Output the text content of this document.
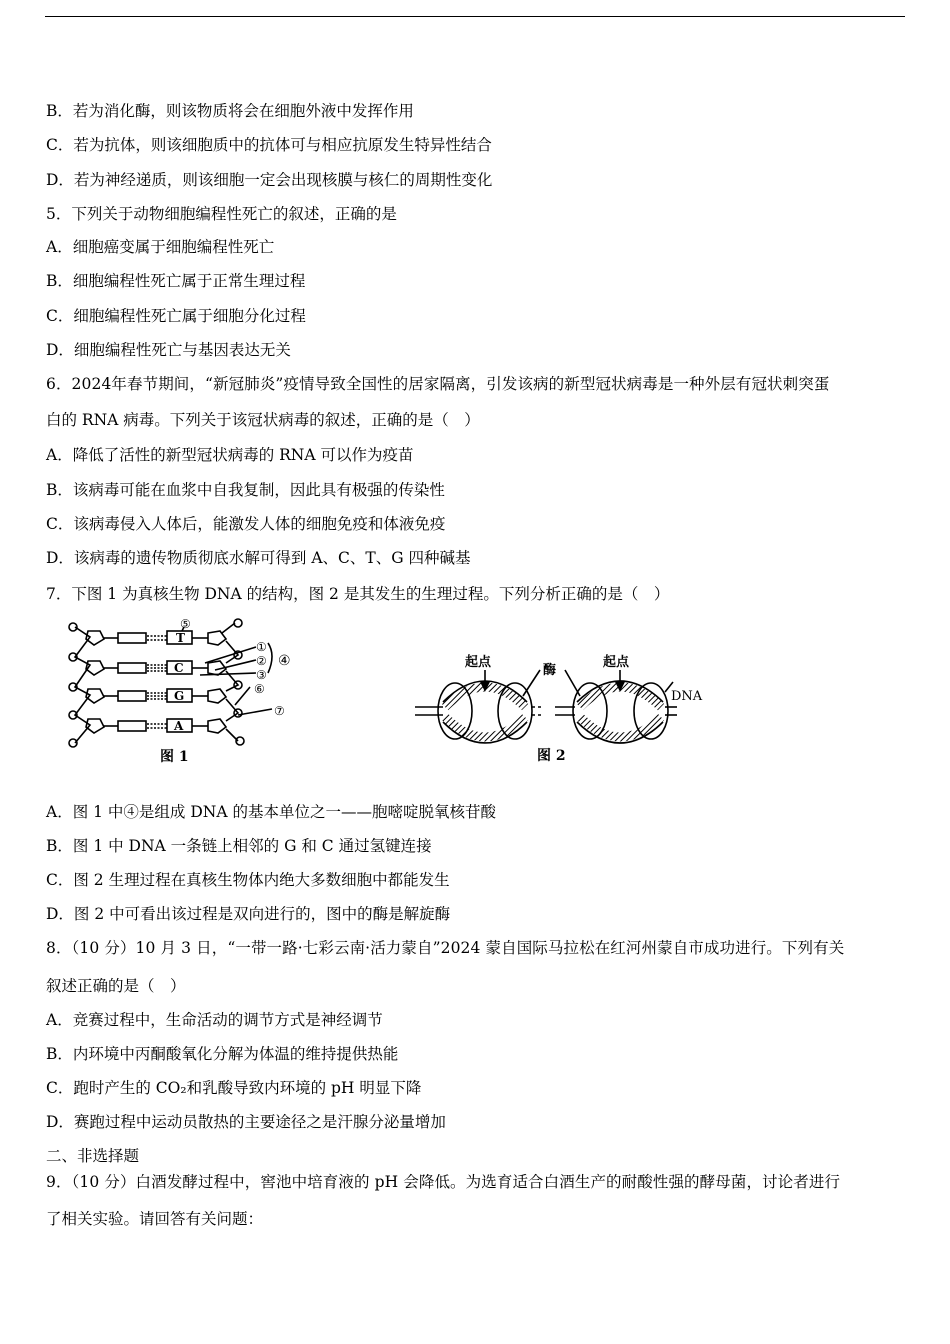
B．若为消化酶，则该物质将会在细胞外液中发挥作用
C．若为抗体，则该细胞质中的抗体可与相应抗原发生特异性结合
D．若为神经递质，则该细胞一定会出现核膜与核仁的周期性变化
5．下列关于动物细胞编程性死亡的叙述，正确的是
A．细胞癌变属于细胞编程性死亡
B．细胞编程性死亡属于正常生理过程
C．细胞编程性死亡属于细胞分化过程
D．细胞编程性死亡与基因表达无关
6．2024年春节期间，“新冠肺炎”疫情导致全国性的居家隔离，引发该病的新型冠状病毒是一种外层有冠状刺突蛋
白的 RNA 病毒。下列关于该冠状病毒的叙述，正确的是（　）
A．降低了活性的新型冠状病毒的 RNA 可以作为疫苗
B．该病毒可能在血浆中自我复制，因此具有极强的传染性
C．该病毒侵入人体后，能激发人体的细胞免疫和体液免疫
D．该病毒的遗传物质彻底水解可得到 A、C、T、G 四种碱基
7．下图 1 为真核生物 DNA 的结构，图 2 是其发生的生理过程。下列分析正确的是（　）
T
C
G
A
⑤
①
②
③
④
⑥
⑦
图 1
起点
酶
起点
DNA
图 2
A．图 1 中④是组成 DNA 的基本单位之一——胞嘧啶脱氧核苷酸
B．图 1 中 DNA 一条链上相邻的 G 和 C 通过氢键连接
C．图 2 生理过程在真核生物体内绝大多数细胞中都能发生
D．图 2 中可看出该过程是双向进行的，图中的酶是解旋酶
8．（10 分）10 月 3 日，“一带一路·七彩云南·活力蒙自”2024 蒙自国际马拉松在红河州蒙自市成功进行。下列有关
叙述正确的是（　）
A．竞赛过程中，生命活动的调节方式是神经调节
B．内环境中丙酮酸氧化分解为体温的维持提供热能
C．跑时产生的 CO₂和乳酸导致内环境的 pH 明显下降
D．赛跑过程中运动员散热的主要途径之是汗腺分泌量增加
二、非选择题
9．（10 分）白酒发酵过程中，窖池中培育液的 pH 会降低。为选育适合白酒生产的耐酸性强的酵母菌，讨论者进行
了相关实验。请回答有关问题：
